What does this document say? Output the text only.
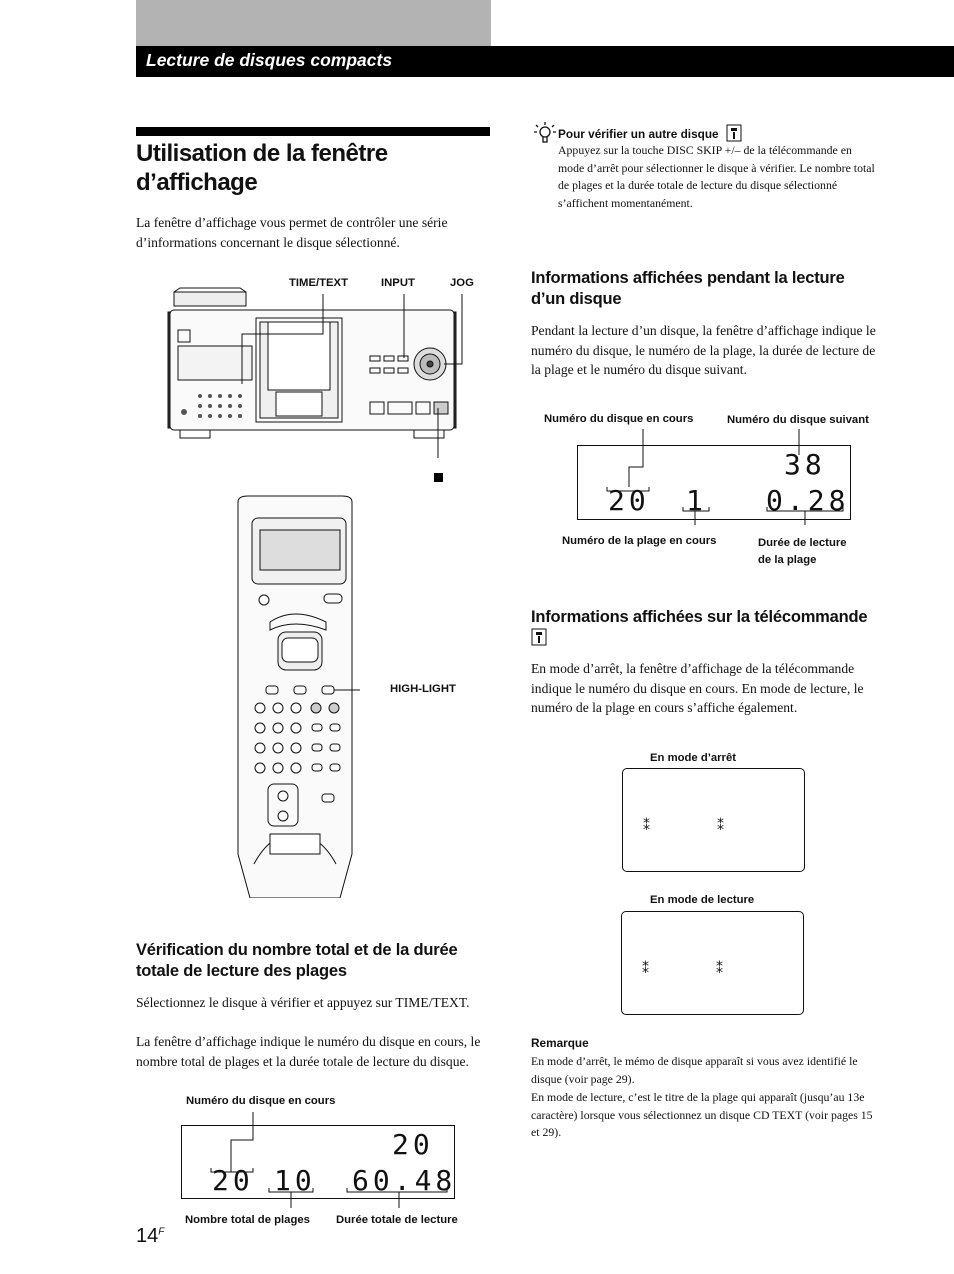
Lecture de disques compacts
Utilisation de la fenêtre d’affichage
La fenêtre d’affichage vous permet de contrôler une série d’informations concernant le disque sélectionné.
TIME/TEXT	INPUT	JOG
HIGH-LIGHT
Vérification du nombre total et de la durée totale de lecture des plages
Sélectionnez le disque à vérifier et appuyez sur TIME/TEXT.
La fenêtre d’affichage indique le numéro du disque en cours, le nombre total de plages et la durée totale de lecture du disque.
Numéro du disque en cours
20
20 10 60.48
Nombre total de plages Durée totale de lecture
$14^F$
Pour vérifier un autre disque
Appuyez sur la touche DISC SKIP +/– de la télécommande en mode d’arrêt pour sélectionner le disque à vérifier. Le nombre total de plages et la durée totale de lecture du disque sélectionné s’affichent momentanément.
Informations affichées pendant la lecture d’un disque
Pendant la lecture d’un disque, la fenêtre d’affichage indique le numéro du disque, le numéro de la plage, la durée de lecture de la plage et le numéro du disque suivant.
Numéro du disque en cours	Numéro du disque suivant
38
20 1 0.28
Numéro de la plage en cours	Durée de lecture
de la plage
Informations affichées sur la télécommande

En mode d’arrêt, la fenêtre d’affichage de la télécommande indique le numéro du disque en cours. En mode de lecture, le numéro de la plage en cours s’affiche également.
En mode d’arrêt
⁑	⁑
En mode de lecture
⁑	⁑
Remarque
En mode d’arrêt, le mémo de disque apparaît si vous avez identifié le disque (voir page 29).
En mode de lecture, c’est le titre de la plage qui apparaît (jusqu’au 13e caractère) lorsque vous sélectionnez un disque CD TEXT (voir pages 15 et 29).
